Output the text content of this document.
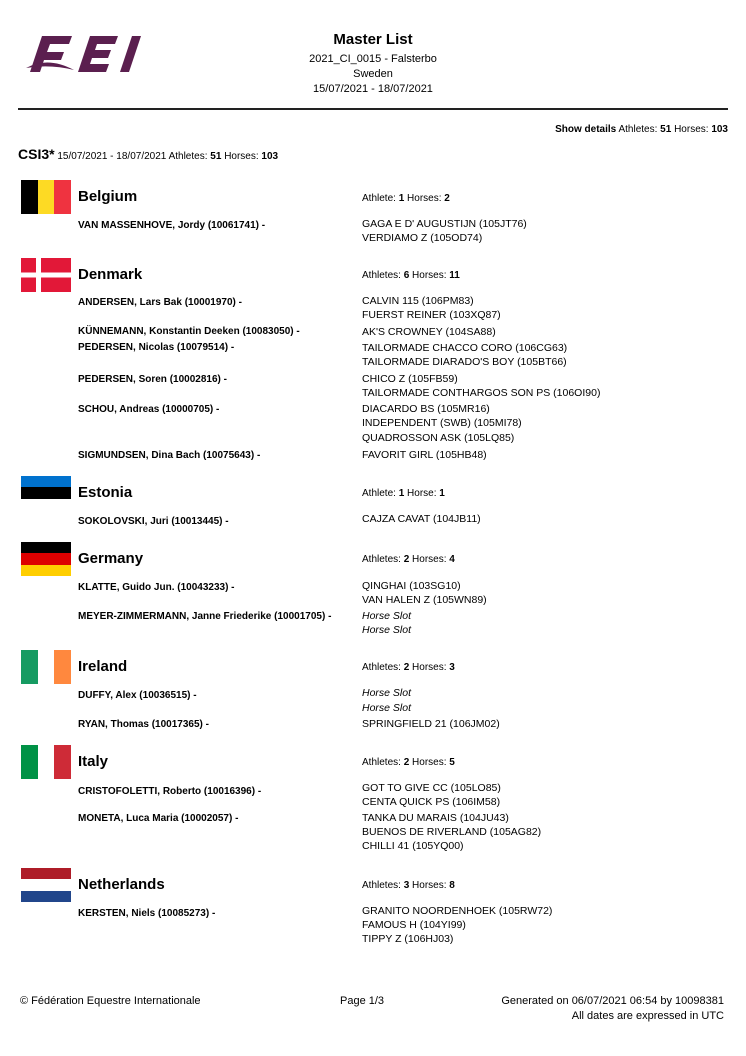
Master List
2021_CI_0015 - Falsterbo
Sweden
15/07/2021 - 18/07/2021
Show details Athletes: 51 Horses: 103
CSI3* 15/07/2021 - 18/07/2021 Athletes: 51 Horses: 103
Belgium	Athlete: 1 Horses: 2
VAN MASSENHOVE, Jordy (10061741) -	GAGA E D' AUGUSTIJN (105JT76)
VERDIAMO Z (105OD74)
Denmark	Athletes: 6 Horses: 11
ANDERSEN, Lars Bak (10001970) -	CALVIN 115 (106PM83)
FUERST REINER (103XQ87)
KÜNNEMANN, Konstantin Deeken (10083050) -	AK'S CROWNEY (104SA88)
PEDERSEN, Nicolas (10079514) -	TAILORMADE CHACCO CORO (106CG63)
TAILORMADE DIARADO'S BOY (105BT66)
PEDERSEN, Soren (10002816) -	CHICO Z (105FB59)
TAILORMADE CONTHARGOS SON PS (106OI90)
SCHOU, Andreas (10000705) -	DIACARDO BS (105MR16)
INDEPENDENT (SWB) (105MI78)
QUADROSSON ASK (105LQ85)
SIGMUNDSEN, Dina Bach (10075643) -	FAVORIT GIRL (105HB48)
Estonia	Athlete: 1 Horse: 1
SOKOLOVSKI, Juri (10013445) -	CAJZA CAVAT (104JB11)
Germany	Athletes: 2 Horses: 4
KLATTE, Guido Jun. (10043233) -	QINGHAI (103SG10)
VAN HALEN Z (105WN89)
MEYER-ZIMMERMANN, Janne Friederike (10001705) -	Horse Slot
Horse Slot
Ireland	Athletes: 2 Horses: 3
DUFFY, Alex (10036515) -	Horse Slot
Horse Slot
RYAN, Thomas (10017365) -	SPRINGFIELD 21 (106JM02)
Italy	Athletes: 2 Horses: 5
CRISTOFOLETTI, Roberto (10016396) -	GOT TO GIVE CC (105LO85)
CENTA QUICK PS (106IM58)
MONETA, Luca Maria (10002057) -	TANKA DU MARAIS (104JU43)
BUENOS DE RIVERLAND (105AG82)
CHILLI 41 (105YQ00)
Netherlands	Athletes: 3 Horses: 8
KERSTEN, Niels (10085273) -	GRANITO NOORDENHOEK (105RW72)
FAMOUS H (104YI99)
TIPPY Z (106HJ03)
© Fédération Equestre Internationale	Page 1/3	Generated on 06/07/2021 06:54 by 10098381
All dates are expressed in UTC
